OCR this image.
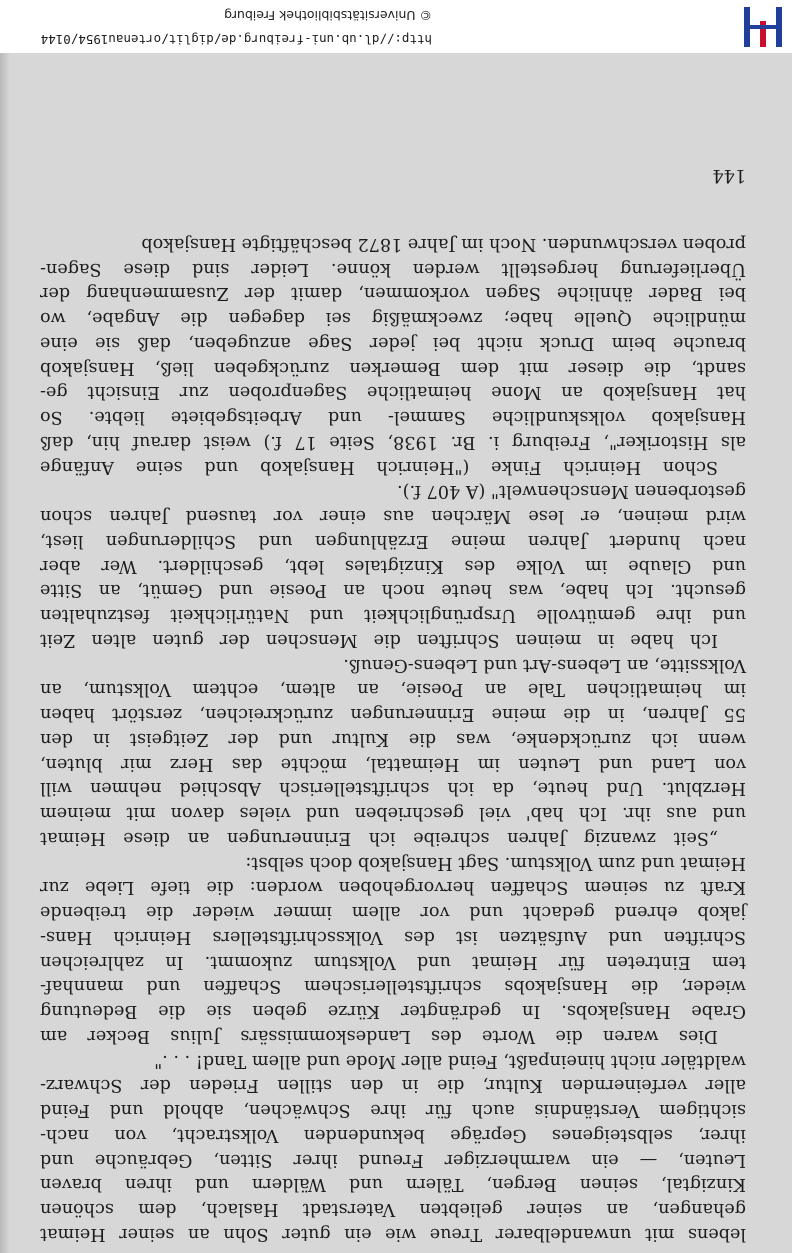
lebens mit unwandelbarer Treue wie ein guter Sohn an seiner Heimat
gehangen, an seiner geliebten Vaterstadt Haslach, dem schönen
Kinzigtal, seinen Bergen, Tälern und Wäldern und ihren braven
Leuten, — ein warmherziger Freund ihrer Sitten, Gebräuche und
ihrer, selbsteigenes Gepräge bekundenden Volkstracht, von nach-
sichtigem Verständnis auch für ihre Schwächen, abhold und Feind
aller verfeinernden Kultur, die in den stillen Frieden der Schwarz-
waldtäler nicht hineinpaßt, Feind aller Mode und allem Tand! . . ."
Dies waren die Worte des Landeskommissärs Julius Becker am
Grabe Hansjakobs. In gedrängter Kürze geben sie die Bedeutung
wieder, die Hansjakobs schriftstellerischem Schaffen und mannhaf-
tem Eintreten für Heimat und Volkstum zukommt. In zahlreichen
Schriften und Aufsätzen ist des Volksschriftstellers Heinrich Hans-
jakob ehrend gedacht und vor allem immer wieder die treibende
Kraft zu seinem Schaffen hervorgehoben worden: die tiefe Liebe zur
Heimat und zum Volkstum. Sagt Hansjakob doch selbst:
„Seit zwanzig Jahren schreibe ich Erinnerungen an diese Heimat
und aus ihr. Ich hab' viel geschrieben und vieles davon mit meinem
Herzblut. Und heute, da ich schriftstellerisch Abschied nehmen will
von Land und Leuten im Heimattal, möchte das Herz mir bluten,
wenn ich zurückdenke, was die Kultur und der Zeitgeist in den
55 Jahren, in die meine Erinnerungen zurückreichen, zerstört haben
im heimatlichen Tale an Poesie, an altem, echtem Volkstum, an
Volkssitte, an Lebens-Art und Lebens-Genuß.
Ich habe in meinen Schriften die Menschen der guten alten Zeit
und ihre gemütvolle Ursprünglichkeit und Natürlichkeit festzuhalten
gesucht. Ich habe, was heute noch an Poesie und Gemüt, an Sitte
und Glaube im Volke des Kinzigtales lebt, geschildert. Wer aber
nach hundert Jahren meine Erzählungen und Schilderungen liest,
wird meinen, er lese Märchen aus einer vor tausend Jahren schon
gestorbenen Menschenwelt" (A 407 f.).
Schon Heinrich Finke ("Heinrich Hansjakob und seine Anfänge
als Historiker", Freiburg i. Br. 1938, Seite 17 f.) weist darauf hin, daß
Hansjakob volkskundliche Sammel- und Arbeitsgebiete liebte. So
hat Hansjakob an Mone heimatliche Sagenproben zur Einsicht ge-
sandt, die dieser mit dem Bemerken zurückgeben ließ, Hansjakob
brauche beim Druck nicht bei jeder Sage anzugeben, daß sie eine
mündliche Quelle habe; zweckmäßig sei dagegen die Angabe, wo
bei Bader ähnliche Sagen vorkommen, damit der Zusammenhang der
Überlieferung hergestellt werden könne. Leider sind diese Sagen-
proben verschwunden. Noch im Jahre 1872 beschäftigte Hansjakob
144
http://dl.ub.uni-freiburg.de/diglit/ortenau1954/0144
© Universitätsbibliothek Freiburg
